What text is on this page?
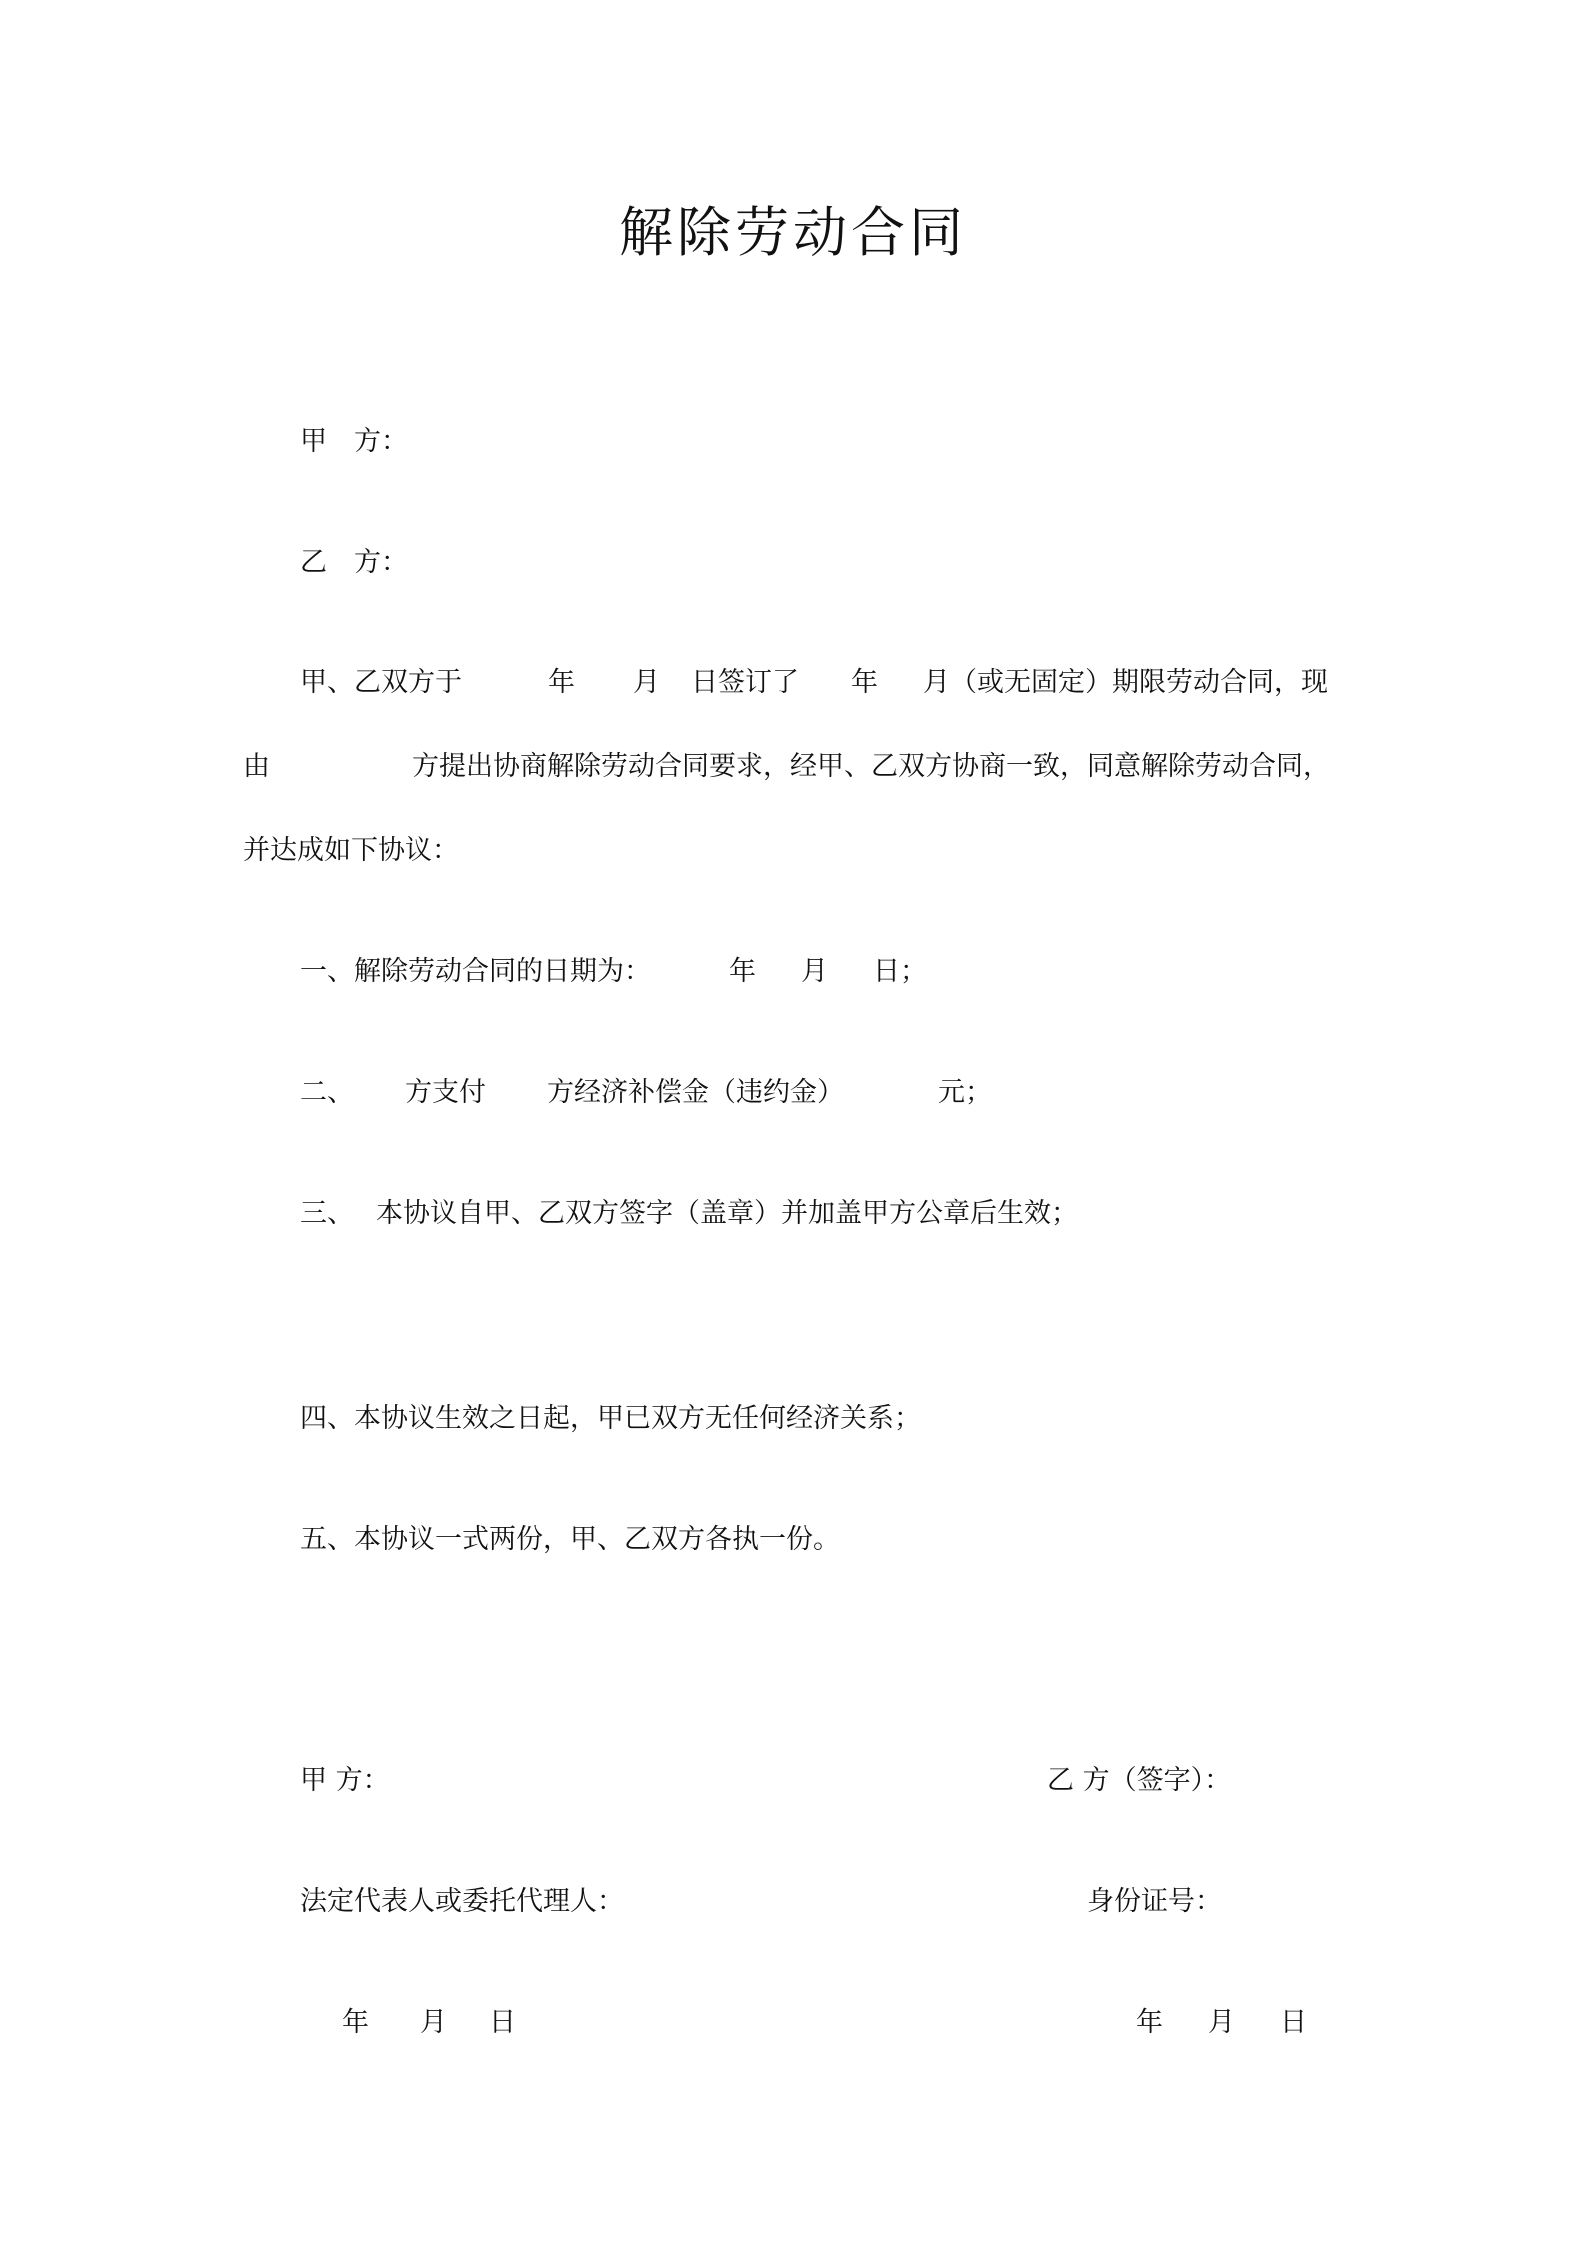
解除劳动合同
甲　方：
乙　方：
甲、乙双方于	年 月 日签订了 年 月（或无固定）期限劳动合同，现
由	方提出协商解除劳动合同要求，经甲、乙双方协商一致，同意解除劳动合同，
并达成如下协议：
一、解除劳动合同的日期为：	年 月 日；
二、 方支付 方经济补偿金（违约金）	元；
三、 本协议自甲、乙双方签字（盖章）并加盖甲方公章后生效；
四、本协议生效之日起，甲已双方无任何经济关系；
五、本协议一式两份，甲、乙双方各执一份。
甲 方：	乙 方（签字）：
法定代表人或委托代理人：	身份证号：
年 月 日	年 月 日
